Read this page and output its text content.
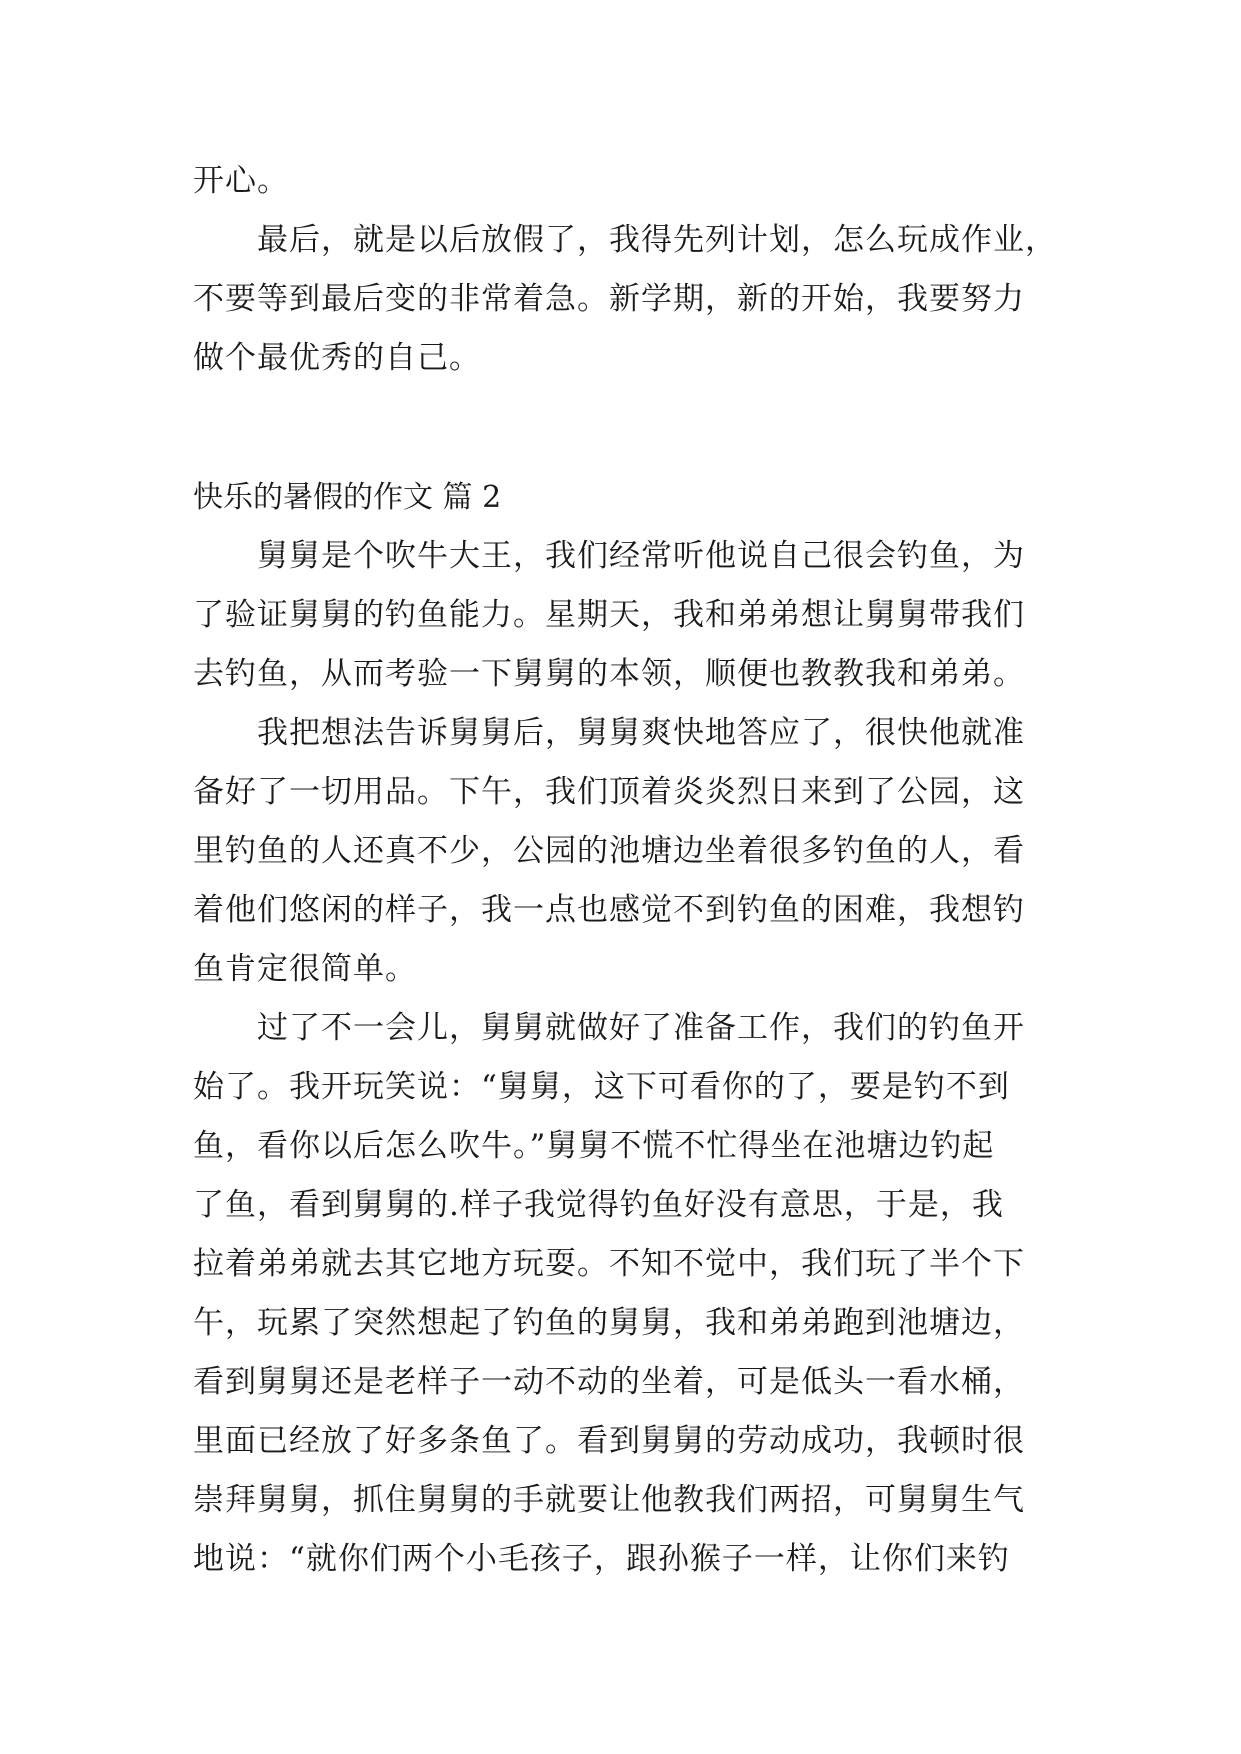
开心。
　　最后，就是以后放假了，我得先列计划，怎么玩成作业，
不要等到最后变的非常着急。新学期，新的开始，我要努力
做个最优秀的自己。
快乐的暑假的作文 篇 2
　　舅舅是个吹牛大王，我们经常听他说自己很会钓鱼，为
了验证舅舅的钓鱼能力。星期天，我和弟弟想让舅舅带我们
去钓鱼，从而考验一下舅舅的本领，顺便也教教我和弟弟。
　　我把想法告诉舅舅后，舅舅爽快地答应了，很快他就准
备好了一切用品。下午，我们顶着炎炎烈日来到了公园，这
里钓鱼的人还真不少，公园的池塘边坐着很多钓鱼的人，看
着他们悠闲的样子，我一点也感觉不到钓鱼的困难，我想钓
鱼肯定很简单。
　　过了不一会儿，舅舅就做好了准备工作，我们的钓鱼开
始了。我开玩笑说：“舅舅，这下可看你的了，要是钓不到
鱼，看你以后怎么吹牛。”舅舅不慌不忙得坐在池塘边钓起
了鱼，看到舅舅的.样子我觉得钓鱼好没有意思，于是，我
拉着弟弟就去其它地方玩耍。不知不觉中，我们玩了半个下
午，玩累了突然想起了钓鱼的舅舅，我和弟弟跑到池塘边，
看到舅舅还是老样子一动不动的坐着，可是低头一看水桶，
里面已经放了好多条鱼了。看到舅舅的劳动成功，我顿时很
崇拜舅舅，抓住舅舅的手就要让他教我们两招，可舅舅生气
地说：“就你们两个小毛孩子，跟孙猴子一样，让你们来钓
